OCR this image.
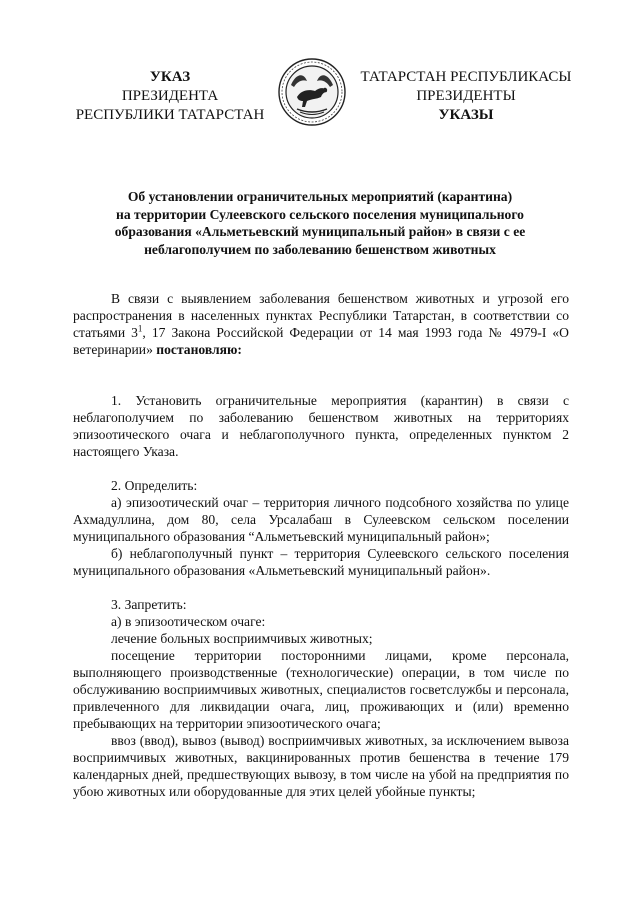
УКАЗ
ПРЕЗИДЕНТА
РЕСПУБЛИКИ ТАТАРСТАН
ТАТАРСТАН РЕСПУБЛИКАСЫ
ПРЕЗИДЕНТЫ
УКАЗЫ
Об установлении ограничительных мероприятий (карантина)
на территории Сулеевского сельского поселения муниципального
образования «Альметьевский муниципальный район» в связи с ее
неблагополучием по заболеванию бешенством животных

В связи с выявлением заболевания бешенством животных и угрозой его распространения в населенных пунктах Республики Татарстан, в соответствии со статьями $3^1$, 17 Закона Российской Федерации от 14 мая 1993 года № 4979-I «О ветеринарии» постановляю:

1. Установить ограничительные мероприятия (карантин) в связи с неблагополучием по заболеванию бешенством животных на территориях эпизоотического очага и неблагополучного пункта, определенных пунктом 2 настоящего Указа.

2. Определить:

а) эпизоотический очаг – территория личного подсобного хозяйства по улице Ахмадуллина, дом 80, села Урсалабаш в Сулеевском сельском поселении муниципального образования “Альметьевский муниципальный район»;

б) неблагополучный пункт – территория Сулеевского сельского поселения муниципального образования «Альметьевский муниципальный район».

3. Запретить:

а) в эпизоотическом очаге:

лечение больных восприимчивых животных;

посещение территории посторонними лицами, кроме персонала, выполняющего производственные (технологические) операции, в том числе по обслуживанию восприимчивых животных, специалистов госветслужбы и персонала, привлеченного для ликвидации очага, лиц, проживающих и (или) временно пребывающих на территории эпизоотического очага;

ввоз (ввод), вывоз (вывод) восприимчивых животных, за исключением вывоза восприимчивых животных, вакцинированных против бешенства в течение 179 календарных дней, предшествующих вывозу, в том числе на убой на предприятия по убою животных или оборудованные для этих целей убойные пункты;
